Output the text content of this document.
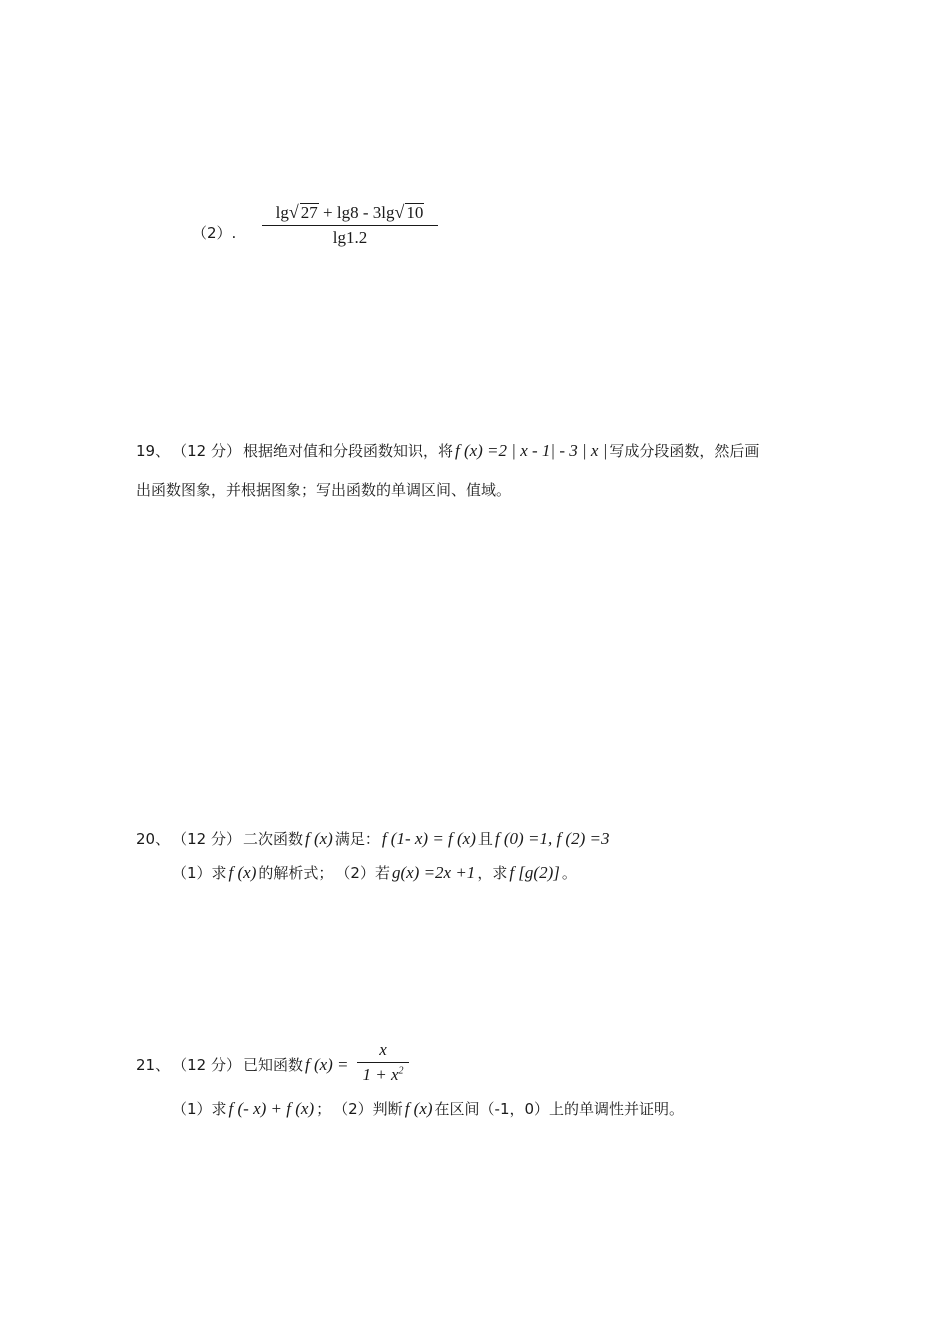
（2）.
lg√ 27 + lg8 - 3lg√ 10
lg1.2
19、 （12 分） 根据绝对值和分段函数知识，将 f (x) =2 | x - 1| - 3 | x | 写成分段函数，然后画
出函数图象，并根据图象；写出函数的单调区间、值域。
20、 （12 分） 二次函数 f (x) 满足： f (1- x) = f (x) 且 f (0) =1, f (2) =3
（1）求 f (x) 的解析式； （2）若 g(x) =2x +1 ，求 f [g(2)] 。
21、 （12 分） 已知函数 f (x) =
x
$1 + x^2$
（1）求 f (- x) + f (x) ； （2）判断 f (x) 在区间（-1，0）上的单调性并证明。
